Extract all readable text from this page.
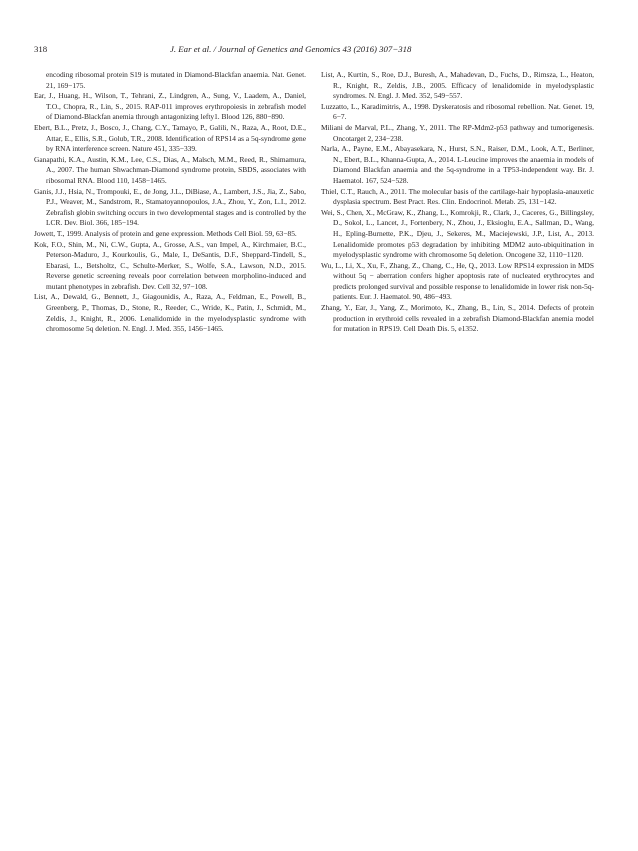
318	J. Ear et al. / Journal of Genetics and Genomics 43 (2016) 307−318

encoding ribosomal protein S19 is mutated in Diamond-Blackfan anaemia. Nat. Genet. 21, 169−175.

Ear, J., Huang, H., Wilson, T., Tehrani, Z., Lindgren, A., Sung, V., Laadem, A., Daniel, T.O., Chopra, R., Lin, S., 2015. RAP-011 improves erythropoiesis in zebrafish model of Diamond-Blackfan anemia through antagonizing lefty1. Blood 126, 880−890.

Ebert, B.L., Pretz, J., Bosco, J., Chang, C.Y., Tamayo, P., Galili, N., Raza, A., Root, D.E., Attar, E., Ellis, S.R., Golub, T.R., 2008. Identification of RPS14 as a 5q-syndrome gene by RNA interference screen. Nature 451, 335−339.

Ganapathi, K.A., Austin, K.M., Lee, C.S., Dias, A., Malsch, M.M., Reed, R., Shimamura, A., 2007. The human Shwachman-Diamond syndrome protein, SBDS, associates with ribosomal RNA. Blood 110, 1458−1465.

Ganis, J.J., Hsia, N., Trompouki, E., de Jong, J.L., DiBiase, A., Lambert, J.S., Jia, Z., Sabo, P.J., Weaver, M., Sandstrom, R., Stamatoyannopoulos, J.A., Zhou, Y., Zon, L.I., 2012. Zebrafish globin switching occurs in two developmental stages and is controlled by the LCR. Dev. Biol. 366, 185−194.

Jowett, T., 1999. Analysis of protein and gene expression. Methods Cell Biol. 59, 63−85.

Kok, F.O., Shin, M., Ni, C.W., Gupta, A., Grosse, A.S., van Impel, A., Kirchmaier, B.C., Peterson-Maduro, J., Kourkoulis, G., Male, I., DeSantis, D.F., Sheppard-Tindell, S., Ebarasi, L., Betsholtz, C., Schulte-Merker, S., Wolfe, S.A., Lawson, N.D., 2015. Reverse genetic screening reveals poor correlation between morpholino-induced and mutant phenotypes in zebrafish. Dev. Cell 32, 97−108.

List, A., Dewald, G., Bennett, J., Giagounidis, A., Raza, A., Feldman, E., Powell, B., Greenberg, P., Thomas, D., Stone, R., Reeder, C., Wride, K., Patin, J., Schmidt, M., Zeldis, J., Knight, R., 2006. Lenalidomide in the myelodysplastic syndrome with chromosome 5q deletion. N. Engl. J. Med. 355, 1456−1465.

List, A., Kurtin, S., Roe, D.J., Buresh, A., Mahadevan, D., Fuchs, D., Rimsza, L., Heaton, R., Knight, R., Zeldis, J.B., 2005. Efficacy of lenalidomide in myelodysplastic syndromes. N. Engl. J. Med. 352, 549−557.

Luzzatto, L., Karadimitris, A., 1998. Dyskeratosis and ribosomal rebellion. Nat. Genet. 19, 6−7.

Miliani de Marval, P.L., Zhang, Y., 2011. The RP-Mdm2-p53 pathway and tumorigenesis. Oncotarget 2, 234−238.

Narla, A., Payne, E.M., Abayasekara, N., Hurst, S.N., Raiser, D.M., Look, A.T., Berliner, N., Ebert, B.L., Khanna-Gupta, A., 2014. L-Leucine improves the anaemia in models of Diamond Blackfan anaemia and the 5q-syndrome in a TP53-independent way. Br. J. Haematol. 167, 524−528.

Thiel, C.T., Rauch, A., 2011. The molecular basis of the cartilage-hair hypoplasia-anauxetic dysplasia spectrum. Best Pract. Res. Clin. Endocrinol. Metab. 25, 131−142.

Wei, S., Chen, X., McGraw, K., Zhang, L., Komrokji, R., Clark, J., Caceres, G., Billingsley, D., Sokol, L., Lancet, J., Fortenbery, N., Zhou, J., Eksioglu, E.A., Sallman, D., Wang, H., Epling-Burnette, P.K., Djeu, J., Sekeres, M., Maciejewski, J.P., List, A., 2013. Lenalidomide promotes p53 degradation by inhibiting MDM2 auto-ubiquitination in myelodysplastic syndrome with chromosome 5q deletion. Oncogene 32, 1110−1120.

Wu, L., Li, X., Xu, F., Zhang, Z., Chang, C., He, Q., 2013. Low RPS14 expression in MDS without 5q − aberration confers higher apoptosis rate of nucleated erythrocytes and predicts prolonged survival and possible response to lenalidomide in lower risk non-5q-patients. Eur. J. Haematol. 90, 486−493.

Zhang, Y., Ear, J., Yang, Z., Morimoto, K., Zhang, B., Lin, S., 2014. Defects of protein production in erythroid cells revealed in a zebrafish Diamond-Blackfan anemia model for mutation in RPS19. Cell Death Dis. 5, e1352.
